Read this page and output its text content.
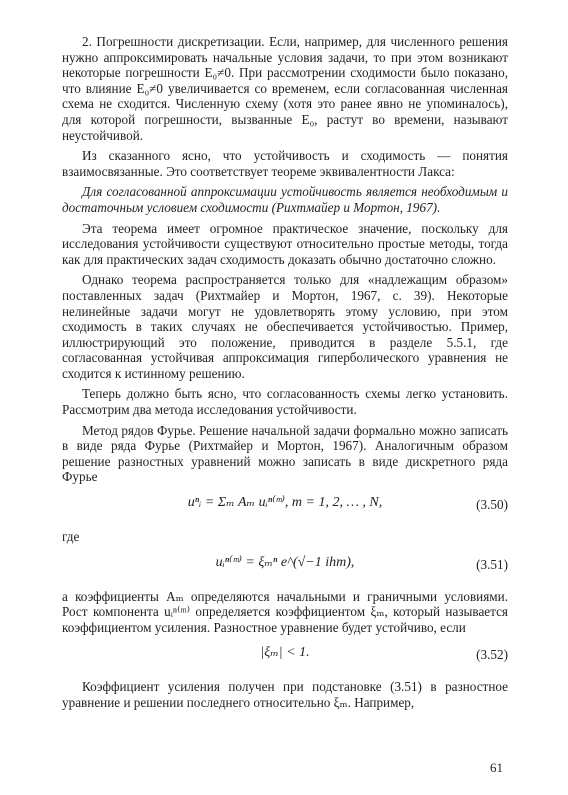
2. Погрешности дискретизации. Если, например, для численного решения нужно аппроксимировать начальные условия задачи, то при этом возникают некоторые погрешности E₀≠0. При рассмотрении сходимости было показано, что влияние E₀≠0 увеличивается со временем, если согласованная численная схема не сходится. Численную схему (хотя это ранее явно не упоминалось), для которой погрешности, вызванные E₀, растут во времени, называют неустойчивой.

Из сказанного ясно, что устойчивость и сходимость — понятия взаимосвязанные. Это соответствует теореме эквивалентности Лакса:

Для согласованной аппроксимации устойчивость является необходимым и достаточным условием сходимости (Рихтмайер и Мортон, 1967).

Эта теорема имеет огромное практическое значение, поскольку для исследования устойчивости существуют относительно простые методы, тогда как для практических задач сходимость доказать обычно достаточно сложно.

Однако теорема распространяется только для «надлежащим образом» поставленных задач (Рихтмайер и Мортон, 1967, с. 39). Некоторые нелинейные задачи могут не удовлетворять этому условию, при этом сходимость в таких случаях не обеспечивается устойчивостью. Пример, иллюстрирующий это положение, приводится в разделе 5.5.1, где согласованная устойчивая аппроксимация гиперболического уравнения не сходится к истинному решению.

Теперь должно быть ясно, что согласованность схемы легко установить. Рассмотрим два метода исследования устойчивости.

Метод рядов Фурье. Решение начальной задачи формально можно записать в виде ряда Фурье (Рихтмайер и Мортон, 1967). Аналогичным образом решение разностных уравнений можно записать в виде дискретного ряда Фурье

uⁿᵢ = Σₘ Aₘ uᵢⁿ⁽ᵐ⁾, m = 1, 2, … , N,	(3.50)

где

uᵢⁿ⁽ᵐ⁾ = ξₘⁿ e^(√−1 ihm),	(3.51)

а коэффициенты Aₘ определяются начальными и граничными условиями. Рост компонента uᵢⁿ⁽ᵐ⁾ определяется коэффициентом ξₘ, который называется коэффициентом усиления. Разностное уравнение будет устойчиво, если

|ξₘ| < 1.	(3.52)

Коэффициент усиления получен при подстановке (3.51) в разностное уравнение и решении последнего относительно ξₘ. Например,

61
